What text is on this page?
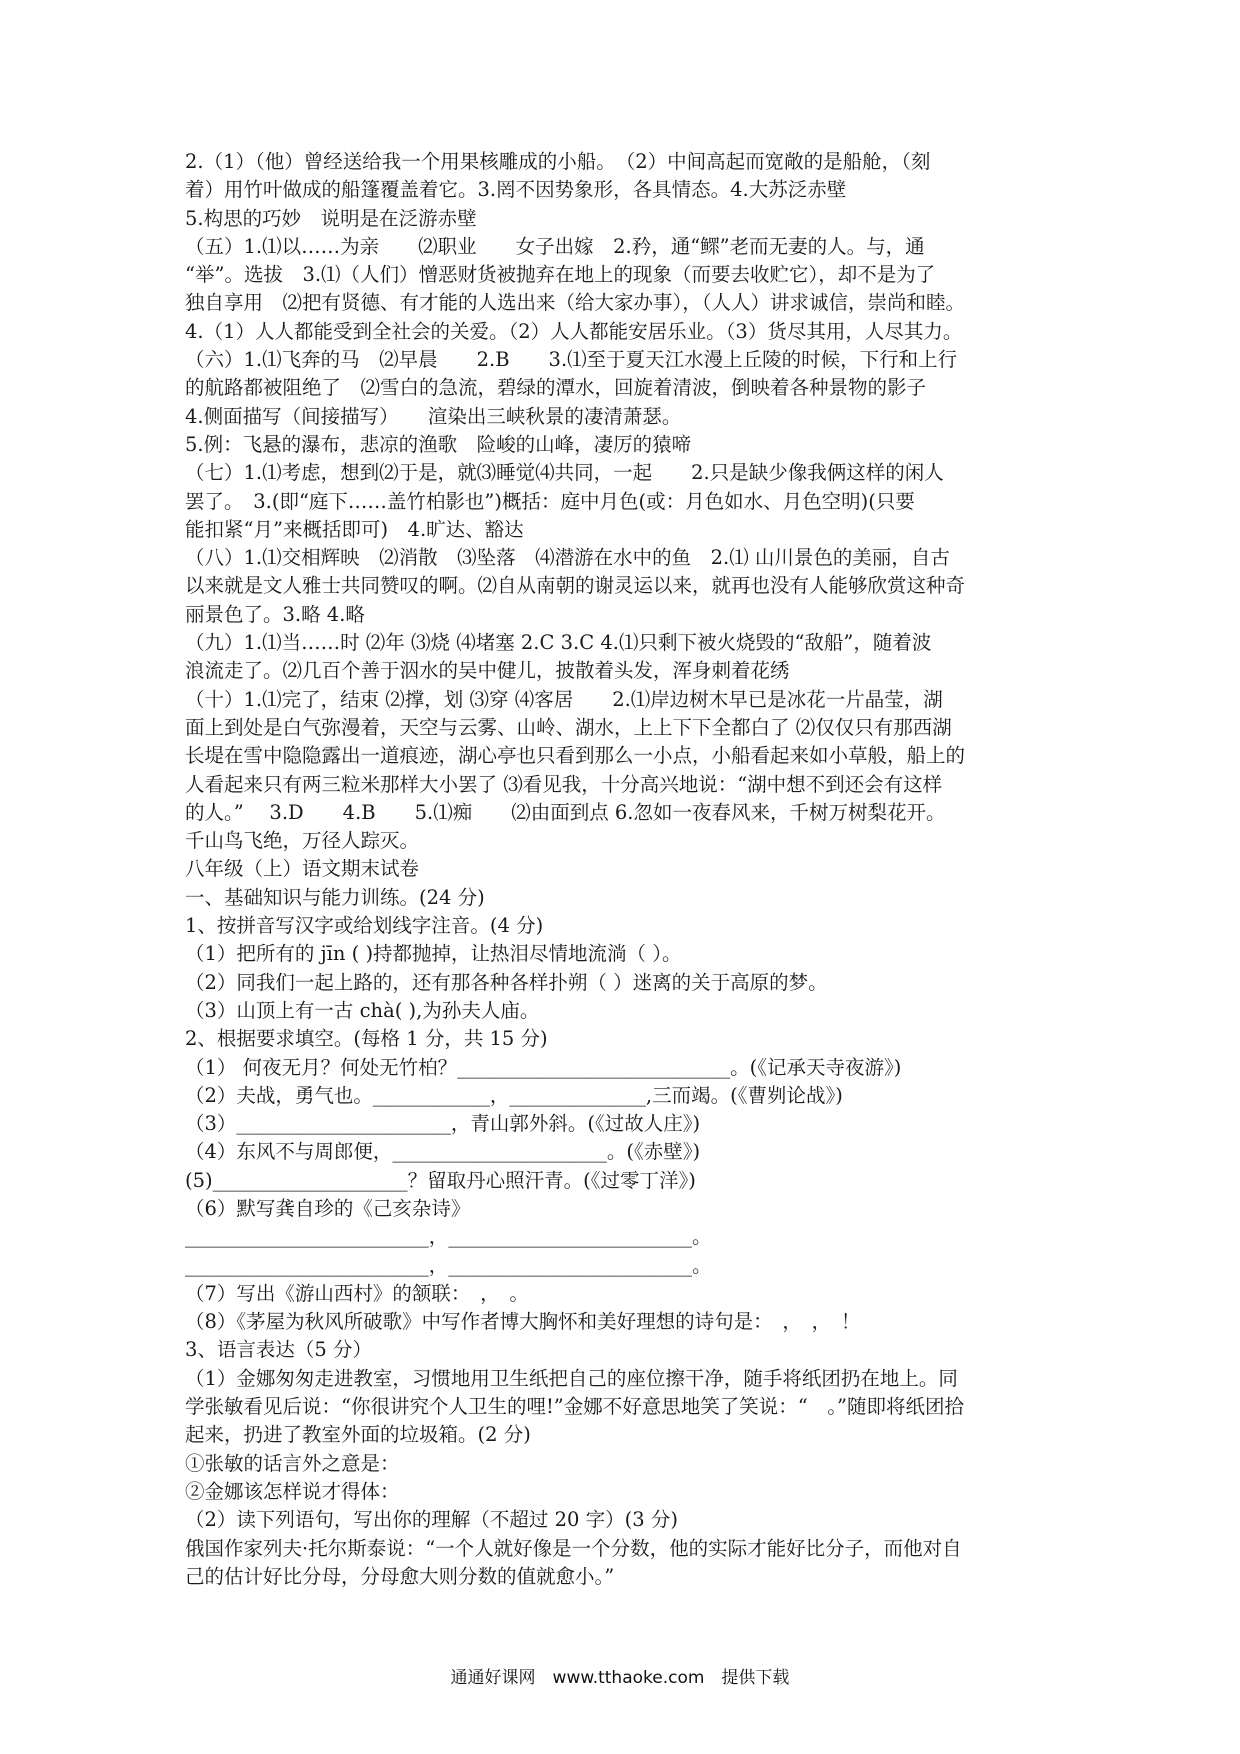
2.（1）（他）曾经送给我一个用果核雕成的小船。　（2）中间高起而宽敞的是船舱，（刻
着）用竹叶做成的船篷覆盖着它。3.罔不因势象形，各具情态。4.大苏泛赤壁
5.构思的巧妙　说明是在泛游赤壁
（五）1.⑴以……为亲　　⑵职业　　女子出嫁　2.矜，通“鳏”老而无妻的人。与，通
“举”。选拔　3.⑴（人们）憎恶财货被抛弃在地上的现象（而要去收贮它），却不是为了
独自享用　⑵把有贤德、有才能的人选出来（给大家办事），（人人）讲求诚信，崇尚和睦。
4.（1）人人都能受到全社会的关爱。（2）人人都能安居乐业。（3）货尽其用，人尽其力。
（六）1.⑴飞奔的马　⑵早晨　　2.B　　3.⑴至于夏天江水漫上丘陵的时候，下行和上行
的航路都被阻绝了　⑵雪白的急流，碧绿的潭水，回旋着清波，倒映着各种景物的影子
4.侧面描写（间接描写）　　渲染出三峡秋景的凄清萧瑟。
5.例：飞悬的瀑布，悲凉的渔歌　险峻的山峰，凄厉的猿啼
（七）1.⑴考虑，想到⑵于是，就⑶睡觉⑷共同，一起　　2.只是缺少像我俩这样的闲人
罢了。　3.(即“庭下……盖竹柏影也”)概括：庭中月色(或：月色如水、月色空明)(只要
能扣紧“月”来概括即可)　4.旷达、豁达
（八）1.⑴交相辉映　⑵消散　⑶坠落　⑷潜游在水中的鱼　2.⑴ 山川景色的美丽，自古
以来就是文人雅士共同赞叹的啊。⑵自从南朝的谢灵运以来，就再也没有人能够欣赏这种奇
丽景色了。3.略 4.略
（九）1.⑴当……时 ⑵年 ⑶烧 ⑷堵塞 2.C 3.C 4.⑴只剩下被火烧毁的“敌船”，随着波
浪流走了。⑵几百个善于泅水的吴中健儿，披散着头发，浑身刺着花绣
（十）1.⑴完了，结束 ⑵撑，划 ⑶穿 ⑷客居　　2.⑴岸边树木早已是冰花一片晶莹，湖
面上到处是白气弥漫着，天空与云雾、山岭、湖水，上上下下全都白了 ⑵仅仅只有那西湖
长堤在雪中隐隐露出一道痕迹，湖心亭也只看到那么一小点，小船看起来如小草般，船上的
人看起来只有两三粒米那样大小罢了 ⑶看见我，十分高兴地说：“湖中想不到还会有这样
的人。”　 3.D　　4.B　　5.⑴痴　　⑵由面到点 6.忽如一夜春风来，千树万树梨花开。
千山鸟飞绝，万径人踪灭。
八年级（上）语文期末试卷
一、基础知识与能力训练。(24 分)
1、按拼音写汉字或给划线字注音。(4 分)
（1）把所有的 jīn ( )持都抛掉，让热泪尽情地流淌（ ）。
（2）同我们一起上路的，还有那各种各样扑朔（ ）迷离的关于高原的梦。
（3）山顶上有一古 chà( ),为孙夫人庙。
2、根据要求填空。(每格 1 分，共 15 分)
（1） 何夜无月？何处无竹柏？____________________________。(《记承天寺夜游》)
（2）夫战，勇气也。____________，______________,三而竭。(《曹刿论战》)
（3）______________________，青山郭外斜。(《过故人庄》)
（4）东风不与周郎便，______________________。(《赤壁》)
(5)____________________？留取丹心照汗青。(《过零丁洋》)
（6）默写龚自珍的《己亥杂诗》
_________________________，_________________________。
_________________________，_________________________。
（7）写出《游山西村》的颔联：　，　。
（8）《茅屋为秋风所破歌》中写作者博大胸怀和美好理想的诗句是：　，　，　！
3、语言表达（5 分）
（1）金娜匆匆走进教室，习惯地用卫生纸把自己的座位擦干净，随手将纸团扔在地上。同
学张敏看见后说：“你很讲究个人卫生的哩!”金娜不好意思地笑了笑说：“　。”随即将纸团拾
起来，扔进了教室外面的垃圾箱。(2 分)
①张敏的话言外之意是：
②金娜该怎样说才得体：
（2）读下列语句，写出你的理解（不超过 20 字）(3 分)
俄国作家列夫·托尔斯泰说：“一个人就好像是一个分数，他的实际才能好比分子，而他对自
己的估计好比分母，分母愈大则分数的值就愈小。”
通通好课网　www.tthaoke.com　提供下载
